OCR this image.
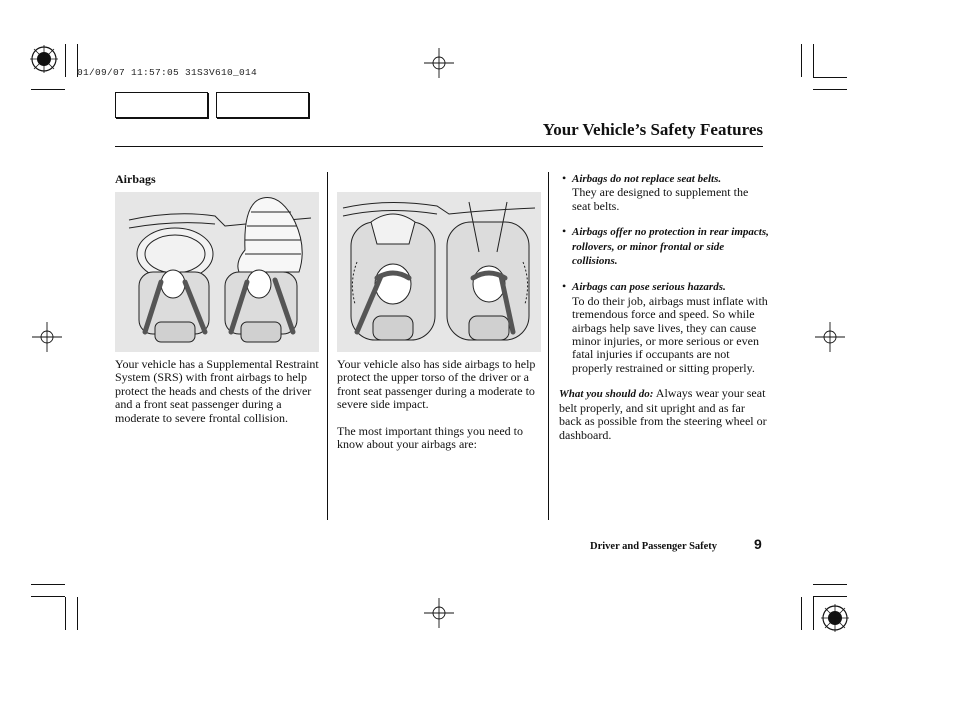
01/09/07 11:57:05 31S3V610_014
Your Vehicle’s Safety Features
Airbags

Your vehicle has a Supplemental Restraint System (SRS) with front airbags to help protect the heads and chests of the driver and a front seat passenger during a moderate to severe frontal collision.

Your vehicle also has side airbags to help protect the upper torso of the driver or a front seat passenger during a moderate to severe side impact.

The most important things you need to know about your airbags are:

• Airbags do not replace seat belts.
They are designed to supplement the seat belts.
• Airbags offer no protection in rear impacts, rollovers, or minor frontal or side collisions.
• Airbags can pose serious hazards.
To do their job, airbags must inflate with tremendous force and speed. So while airbags help save lives, they can cause minor injuries, or more serious or even fatal injuries if occupants are not properly restrained or sitting properly.

What you should do: Always wear your seat belt properly, and sit upright and as far back as possible from the steering wheel or dashboard.

Driver and Passenger Safety	9
